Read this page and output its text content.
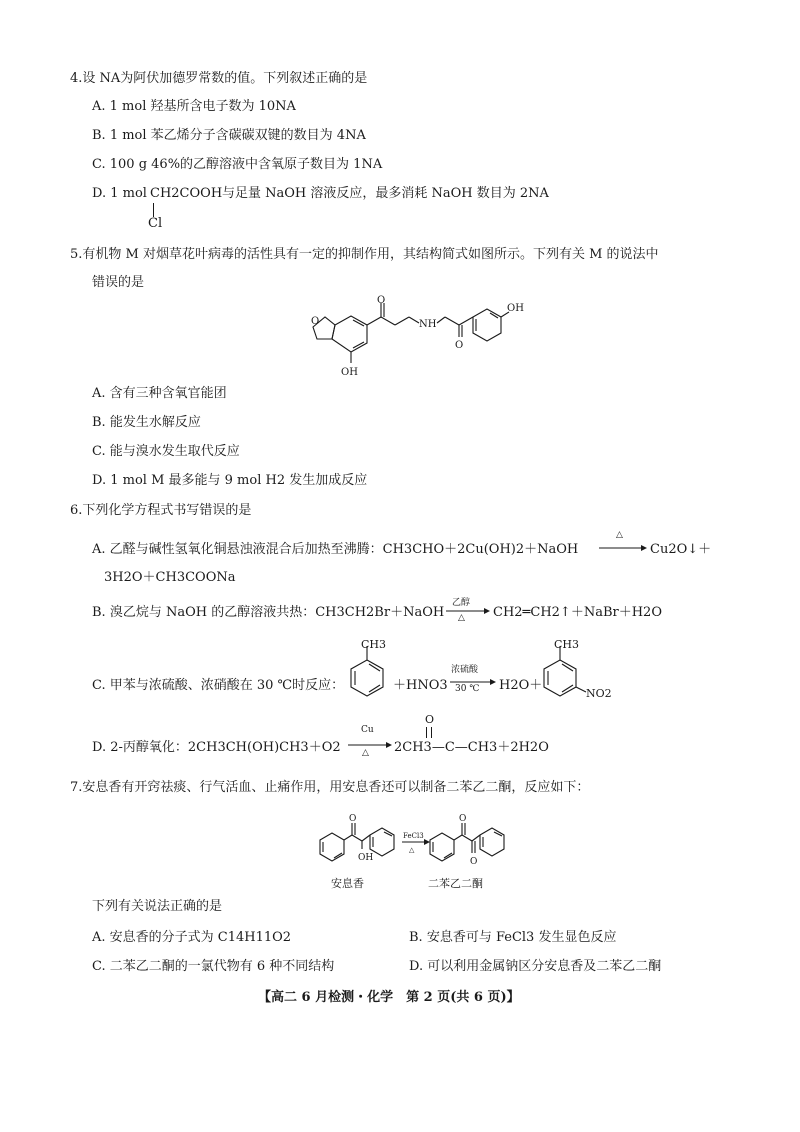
4.设 NA为阿伏加德罗常数的值。下列叙述正确的是
A. 1 mol 羟基所含电子数为 10NA
B. 1 mol 苯乙烯分子含碳碳双键的数目为 4NA
C. 100 g 46%的乙醇溶液中含氧原子数目为 1NA
D. 1 mol CH2COOH
Cl
与足量 NaOH 溶液反应，最多消耗 NaOH 数目为 2NA
5.有机物 M 对烟草花叶病毒的活性具有一定的抑制作用，其结构简式如图所示。下列有关 M 的说法中
错误的是
O
O
NH
O
OH
OH
A. 含有三种含氧官能团
B. 能发生水解反应
C. 能与溴水发生取代反应
D. 1 mol M 最多能与 9 mol H2 发生加成反应
6.下列化学方程式书写错误的是
A. 乙醛与碱性氢氧化铜悬浊液混合后加热至沸腾：CH3CHO＋2Cu(OH)2＋NaOH
△
Cu2O↓＋
3H2O＋CH3COONa
B. 溴乙烷与 NaOH 的乙醇溶液共热：CH3CH2Br＋NaOH
乙醇
△ CH2═CH2↑＋NaBr＋H2O
C. 甲苯与浓硫酸、浓硝酸在 30 ℃时反应：
CH3
＋HNO3
浓硫酸
30 ℃ H2O＋
CH3
NO2
D. 2-丙醇氧化：2CH3CH(OH)CH3＋O2
Cu
△
O
2CH3—C—CH3＋2H2O
7.安息香有开窍祛痰、行气活血、止痛作用，用安息香还可以制备二苯乙二酮，反应如下：
O
OH
FeCl3
△
O
O
安息香	二苯乙二酮
下列有关说法正确的是
A. 安息香的分子式为 C14H11O2	B. 安息香可与 FeCl3 发生显色反应
C. 二苯乙二酮的一氯代物有 6 种不同结构	D. 可以利用金属钠区分安息香及二苯乙二酮
【高二 6 月检测・化学　第 2 页(共 6 页)】
